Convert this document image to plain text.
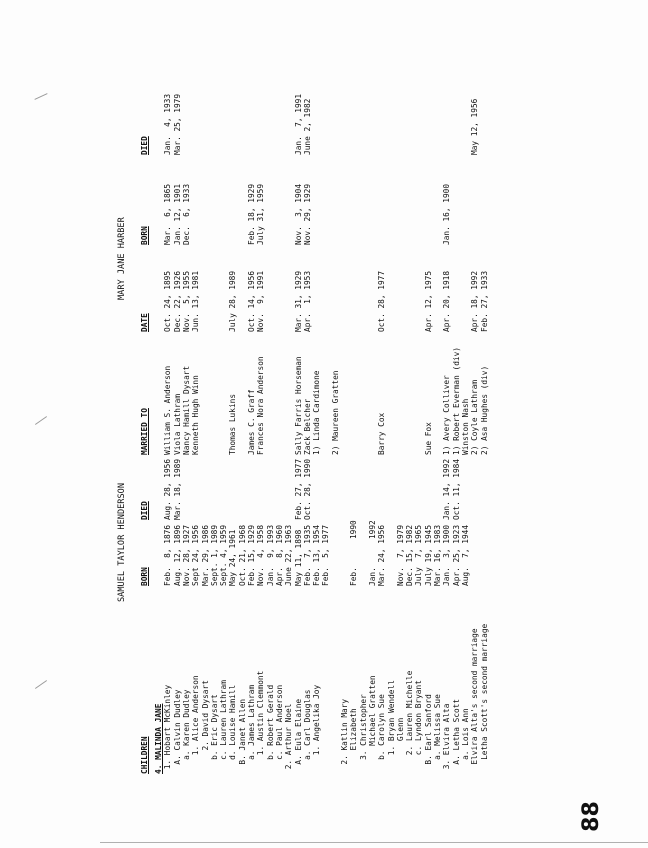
SAMUEL TAYLOR HENDERSON
MARY JANE HARBER
CHILDREN
BORN
DIED
MARRIED TO
DATE
BORN
DIED
4. MALINDA JANE 1. Hobart McKinley
Feb.  8, 1876
Aug. 28, 1956
William S. Anderson
Oct. 24, 1895
Mar.  6, 1865
Jan.  4, 1933
A. Calvin Dudley
Aug. 12, 1896
Mar. 18, 1989
Viola Lathram
Dec. 22, 1926
Jan. 12, 1901
Mar. 25, 1979
a. Karen Dudley
Nov. 28, 1927
Nancy Hamill Dysart
Nov.  5, 1955
Dec.  6, 1933
1. Alice Anderson
Sept 24, 1956
Kenneth Hugh Winn
Jun. 13, 1981
2. David Dysart
Mar. 29, 1986
b. Eric Dysart
Sept. 1, 1989
c. Lauren Lathram
Sept. 4, 1959
d. Louise Hamill
May 24, 1961
Thomas Lukins
July 28, 1989
B. Janet Allen
Oct. 21, 1968
a. James Lathram
Feb. 15, 1929
James C. Graff
Oct. 14, 1956
Feb. 18, 1929
1. Austin Clemmont
Nov.  4, 1958
Frances Nora Anderson
Nov.  9, 1991
July 31, 1959
b. Robert Gerald
Jan.  9, 1993
c. Paul Anderson
Apr.  8, 1960
2. Arthur Noel
June 22, 1963
A. Eula Elaine
May 11, 1898
Feb. 27, 1977
Sally Farris Horseman
Mar. 31, 1929
Nov.  3, 1904
Jan.  7, 1991
a. Carl Douglas
Feb.  7, 1935
Oct. 28, 1990
Zack Belcher
Apr.  1, 1953
Nov. 29, 1929
June 2, 1982
1. Angelika Joy
Feb. 13, 1954
1) Linda Cardimone
Feb.  5, 1977
2) Maureen Gratten
2. Katlin Mary Elizabeth
Feb.      1990
3. Christopher Michael Gratten
Jan.      1992
b. Carolyn Sue
Mar. 24, 1956
Barry Cox
Oct. 28, 1977
1. Bryan Wendell Glenn
Nov.  7, 1979
2. Lauren Michelle
Dec. 15, 1982
c. Lyndon Bryant
July  7, 1965
B. Earl Sanford
July 19, 1945
Sue Fox
Apr. 12, 1975
a. Melissa Sue
Mar. 16, 1983
3. Elvira Alta
Jan.  3, 1900
Jan. 14, 1992
1) Avery Colliver
Apr. 20, 1918
Jan. 16, 1900
A. Letha Scott
Apr. 25, 1923
Oct. 11, 1984
1) Robert Everman (div)
a. Lois Ann
Aug.  7, 1944
Winston Nash
Elvira Alta's second marriage
2) Coyle Lathram
Apr. 18, 1992
May 12, 1956
Letha Scott's second marriage
2) Asa Hughes (div)
Feb. 27, 1933
88
